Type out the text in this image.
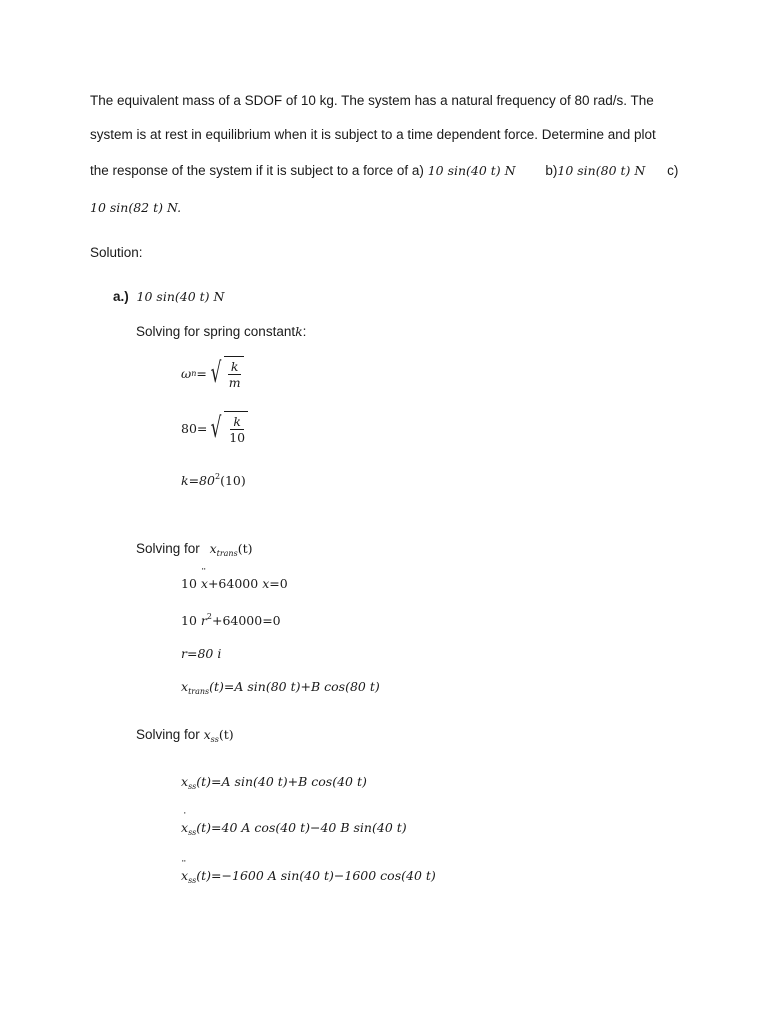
The equivalent mass of a SDOF of 10 kg. The system has a natural frequency of 80 rad/s. The
system is at rest in equilibrium when it is subject to a time dependent force. Determine and plot
the response of the system if it is subject to a force of a) 10 sin(40 t) N b)10 sin(80 t) N c)
10 sin(82 t) N.
Solution:
a.) 10 sin(40 t) N
Solving for spring constantk:
ω n = √ $\frac{k}{m}$
80= √ $\frac{k}{10}$
$k=80^2(10)$
Solving for $x_{trans}(t)$
10 x ¨+64000 x=0
10 $r^2+64000=0$
r=80 i
$x_{trans}(t)=A$ sin(80 t)+B cos(80 t)
Solving for $x_{ss}(t)$
$x_{ss}(t)=A$ sin(40 t)+B cos(40 t)
x $˙_{ss}(t)=40$ A cos(40 t)−40 B sin(40 t)
x $¨_{ss}(t)=-1600$ A sin(40 t)−1600 cos(40 t)
